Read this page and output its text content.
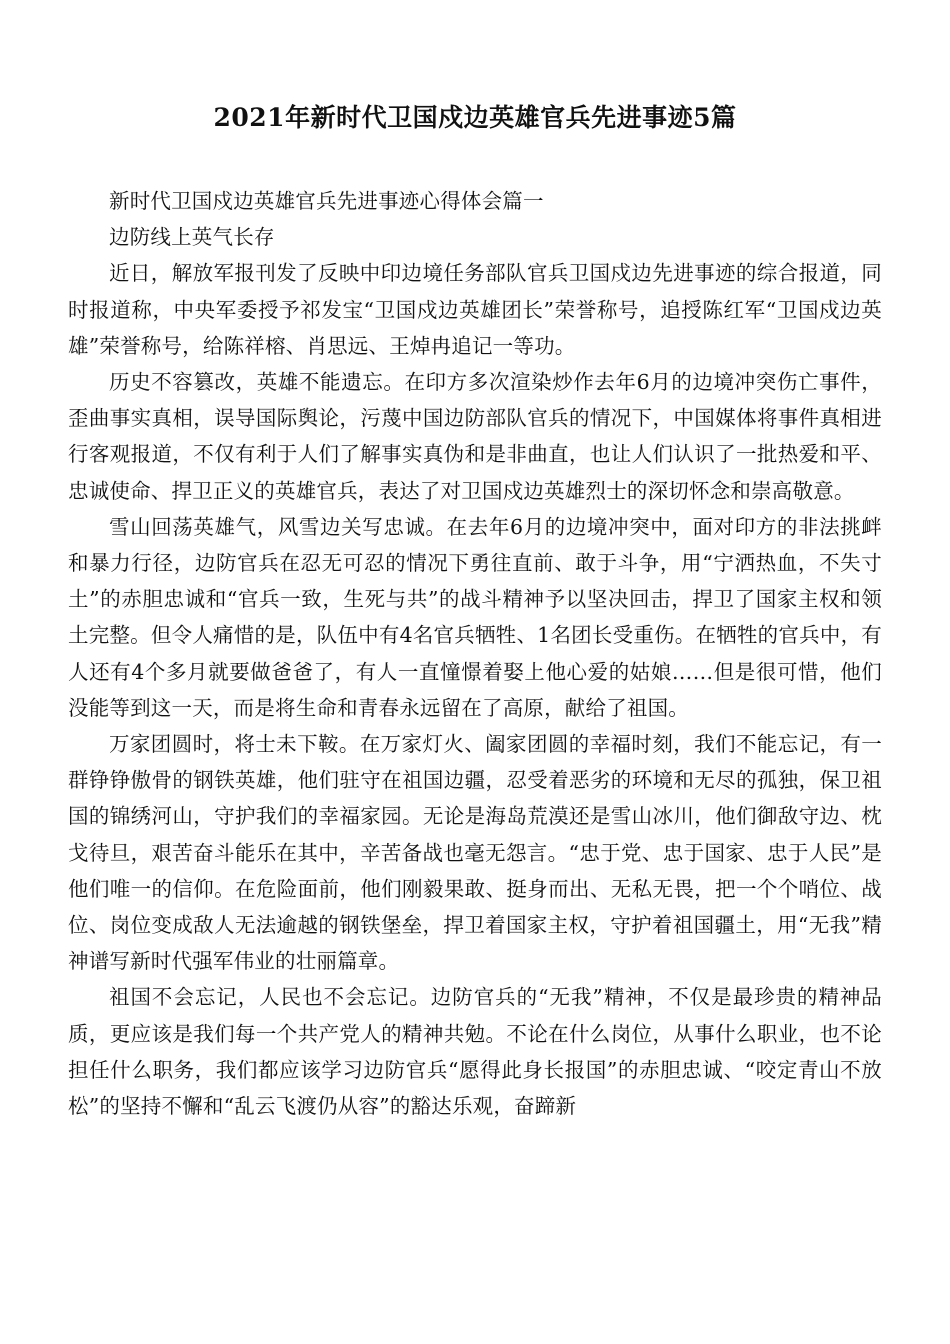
2021年新时代卫国戍边英雄官兵先进事迹5篇

新时代卫国戍边英雄官兵先进事迹心得体会篇一

边防线上英气长存

近日，解放军报刊发了反映中印边境任务部队官兵卫国戍边先进事迹的综合报道，同时报道称，中央军委授予祁发宝“卫国戍边英雄团长”荣誉称号，追授陈红军“卫国戍边英雄”荣誉称号，给陈祥榕、肖思远、王焯冉追记一等功。

历史不容篡改，英雄不能遗忘。在印方多次渲染炒作去年6月的边境冲突伤亡事件，歪曲事实真相，误导国际舆论，污蔑中国边防部队官兵的情况下，中国媒体将事件真相进行客观报道，不仅有利于人们了解事实真伪和是非曲直，也让人们认识了一批热爱和平、忠诚使命、捍卫正义的英雄官兵，表达了对卫国戍边英雄烈士的深切怀念和崇高敬意。

雪山回荡英雄气，风雪边关写忠诚。在去年6月的边境冲突中，面对印方的非法挑衅和暴力行径，边防官兵在忍无可忍的情况下勇往直前、敢于斗争，用“宁洒热血，不失寸土”的赤胆忠诚和“官兵一致，生死与共”的战斗精神予以坚决回击，捍卫了国家主权和领土完整。但令人痛惜的是，队伍中有4名官兵牺牲、1名团长受重伤。在牺牲的官兵中，有人还有4个多月就要做爸爸了，有人一直憧憬着娶上他心爱的姑娘……但是很可惜，他们没能等到这一天，而是将生命和青春永远留在了高原，献给了祖国。

万家团圆时，将士未下鞍。在万家灯火、阖家团圆的幸福时刻，我们不能忘记，有一群铮铮傲骨的钢铁英雄，他们驻守在祖国边疆，忍受着恶劣的环境和无尽的孤独，保卫祖国的锦绣河山，守护我们的幸福家园。无论是海岛荒漠还是雪山冰川，他们御敌守边、枕戈待旦，艰苦奋斗能乐在其中，辛苦备战也毫无怨言。“忠于党、忠于国家、忠于人民”是他们唯一的信仰。在危险面前，他们刚毅果敢、挺身而出、无私无畏，把一个个哨位、战位、岗位变成敌人无法逾越的钢铁堡垒，捍卫着国家主权，守护着祖国疆土，用“无我”精神谱写新时代强军伟业的壮丽篇章。

祖国不会忘记，人民也不会忘记。边防官兵的“无我”精神，不仅是最珍贵的精神品质，更应该是我们每一个共产党人的精神共勉。不论在什么岗位，从事什么职业，也不论担任什么职务，我们都应该学习边防官兵“愿得此身长报国”的赤胆忠诚、“咬定青山不放松”的坚持不懈和“乱云飞渡仍从容”的豁达乐观，奋蹄新
